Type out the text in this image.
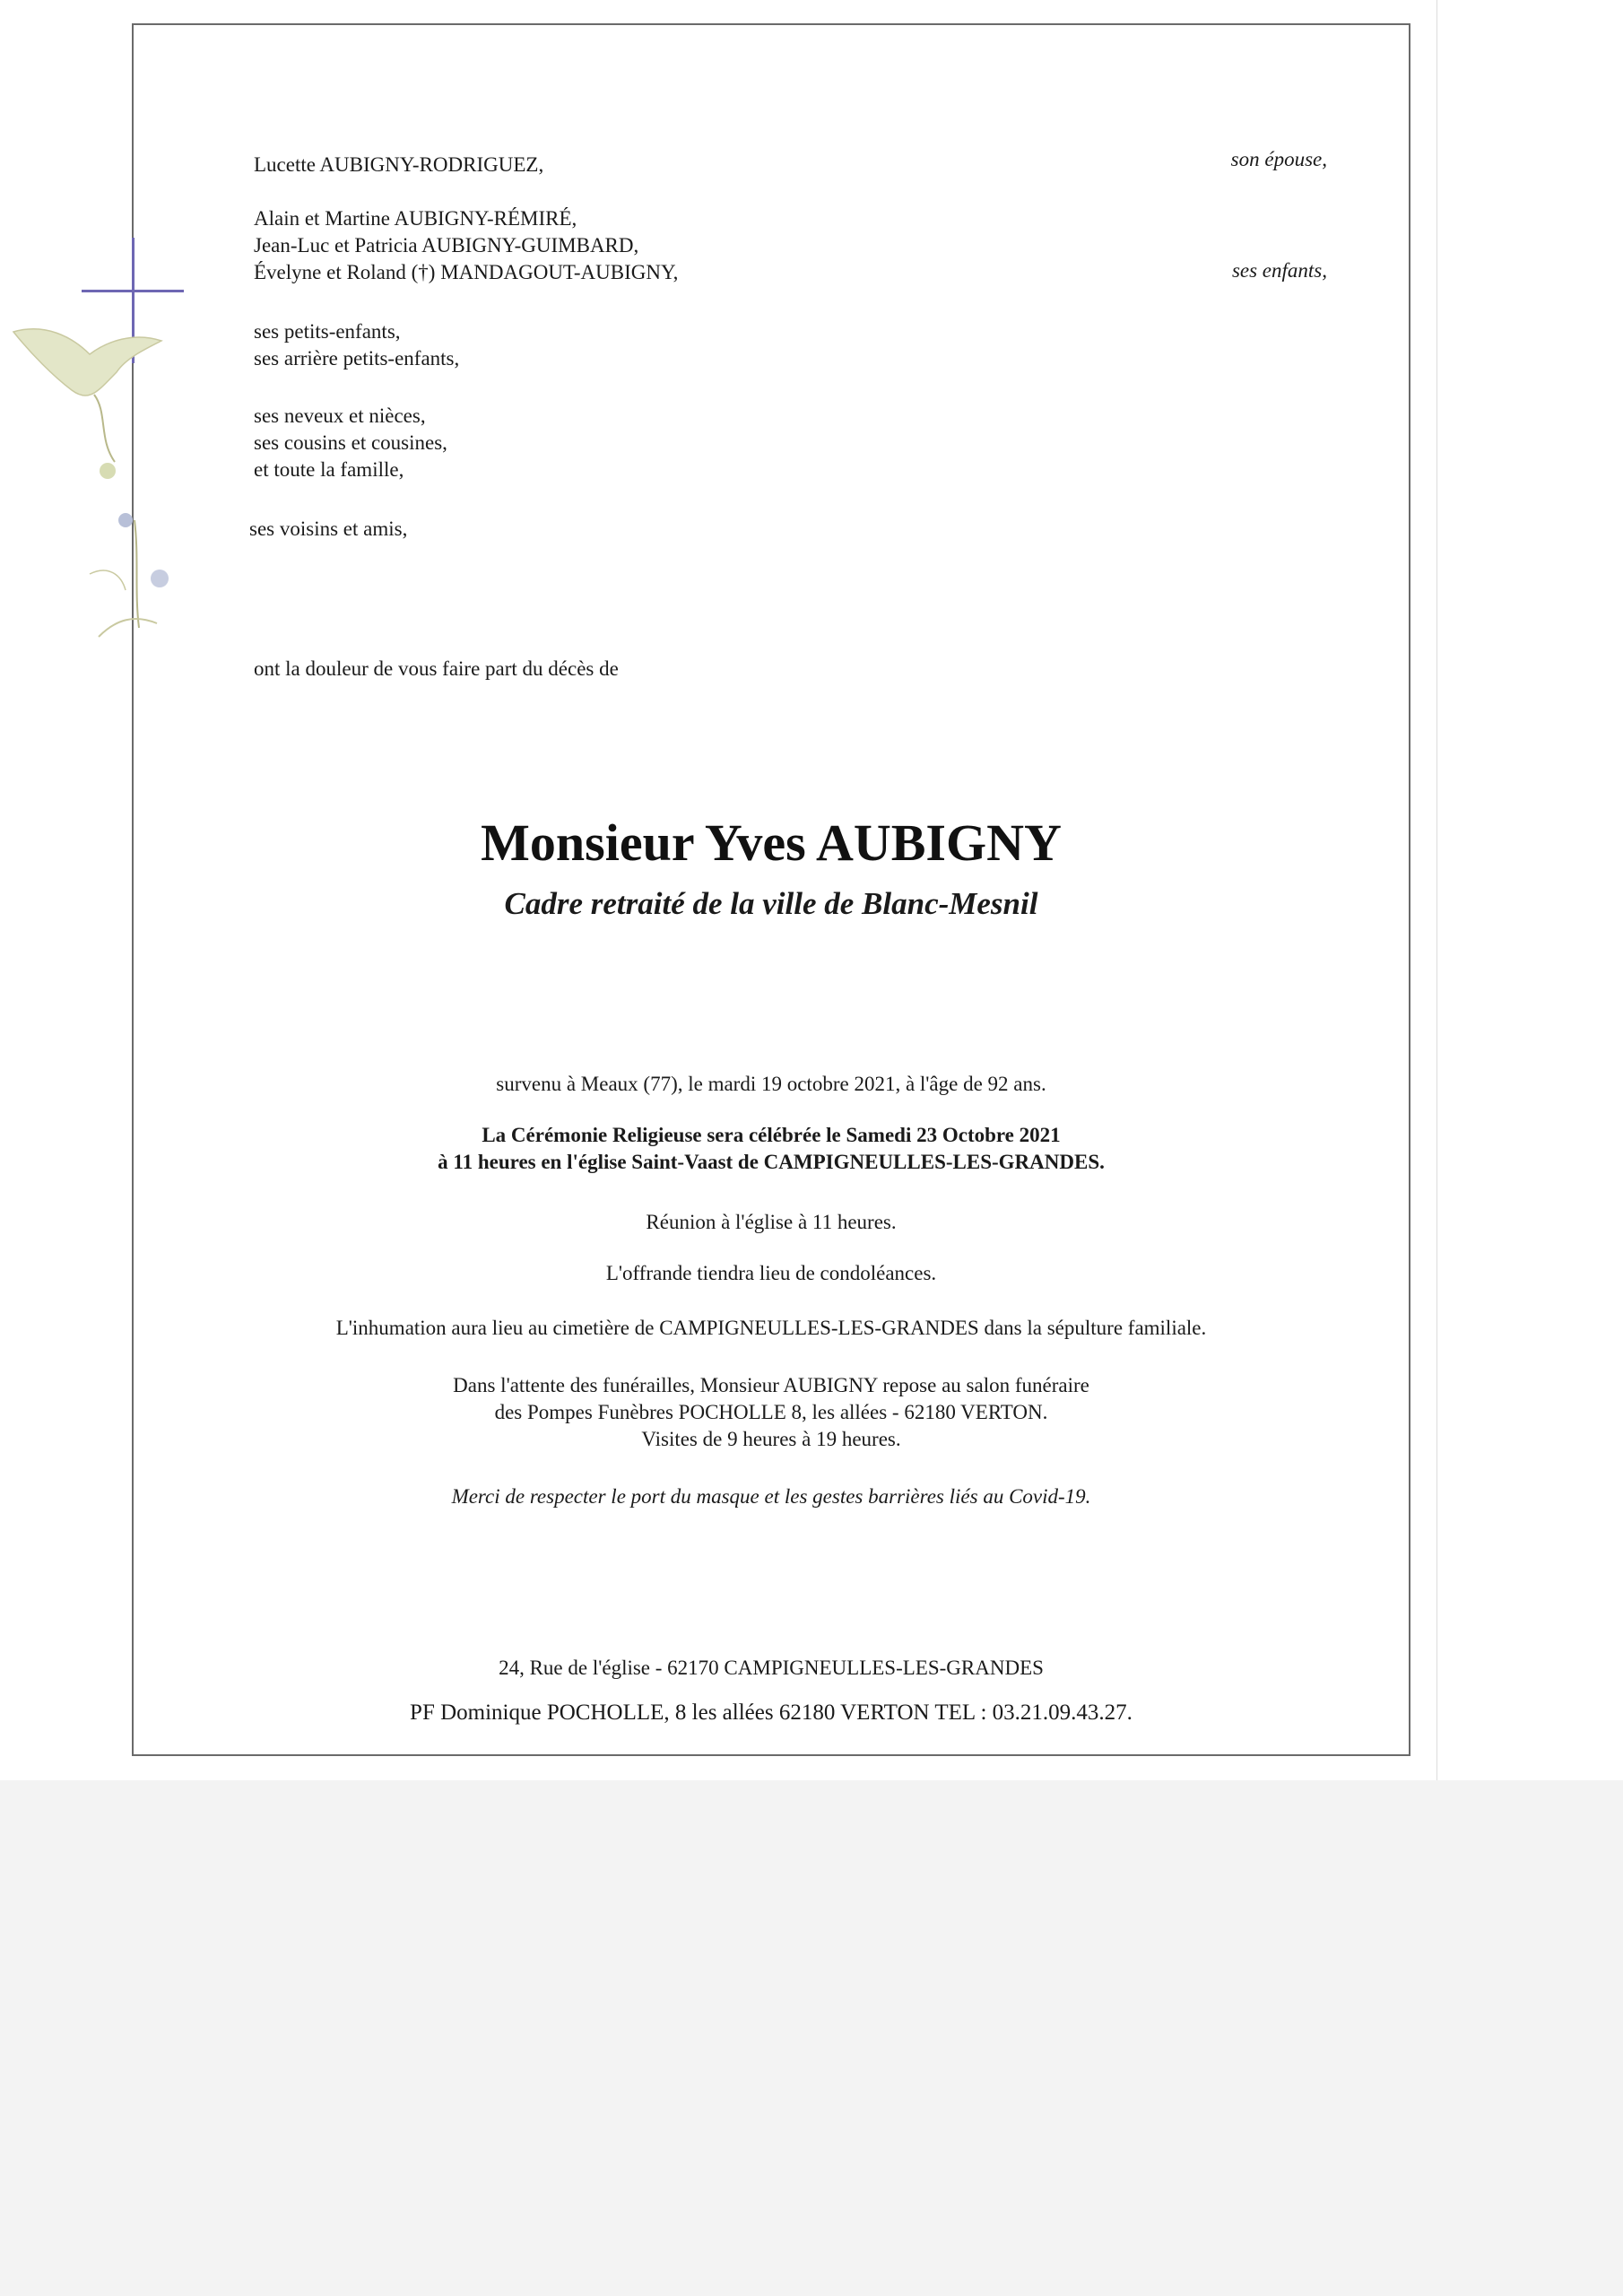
Lucette AUBIGNY-RODRIGUEZ,	son épouse,
Alain et Martine AUBIGNY-RÉMIRÉ,
Jean-Luc et Patricia AUBIGNY-GUIMBARD,
Évelyne et Roland (†) MANDAGOUT-AUBIGNY,	ses enfants,
ses petits-enfants,
ses arrière petits-enfants,
ses neveux et nièces,
ses cousins et cousines,
et toute la famille,
ses voisins et amis,
ont la douleur de vous faire part du décès de
Monsieur Yves AUBIGNY
Cadre retraité de la ville de Blanc-Mesnil
survenu à Meaux (77), le mardi 19 octobre 2021, à l'âge de 92 ans.
La Cérémonie Religieuse sera célébrée le Samedi 23 Octobre 2021
à 11 heures en l'église Saint-Vaast de CAMPIGNEULLES-LES-GRANDES.
Réunion à l'église à 11 heures.
L'offrande tiendra lieu de condoléances.
L'inhumation aura lieu au cimetière de CAMPIGNEULLES-LES-GRANDES dans la sépulture familiale.
Dans l'attente des funérailles, Monsieur AUBIGNY repose au salon funéraire
des Pompes Funèbres POCHOLLE 8, les allées - 62180 VERTON.
Visites de 9 heures à 19 heures.
Merci de respecter le port du masque et les gestes barrières liés au Covid-19.
24, Rue de l'église - 62170 CAMPIGNEULLES-LES-GRANDES
PF Dominique POCHOLLE, 8 les allées 62180 VERTON TEL : 03.21.09.43.27.
